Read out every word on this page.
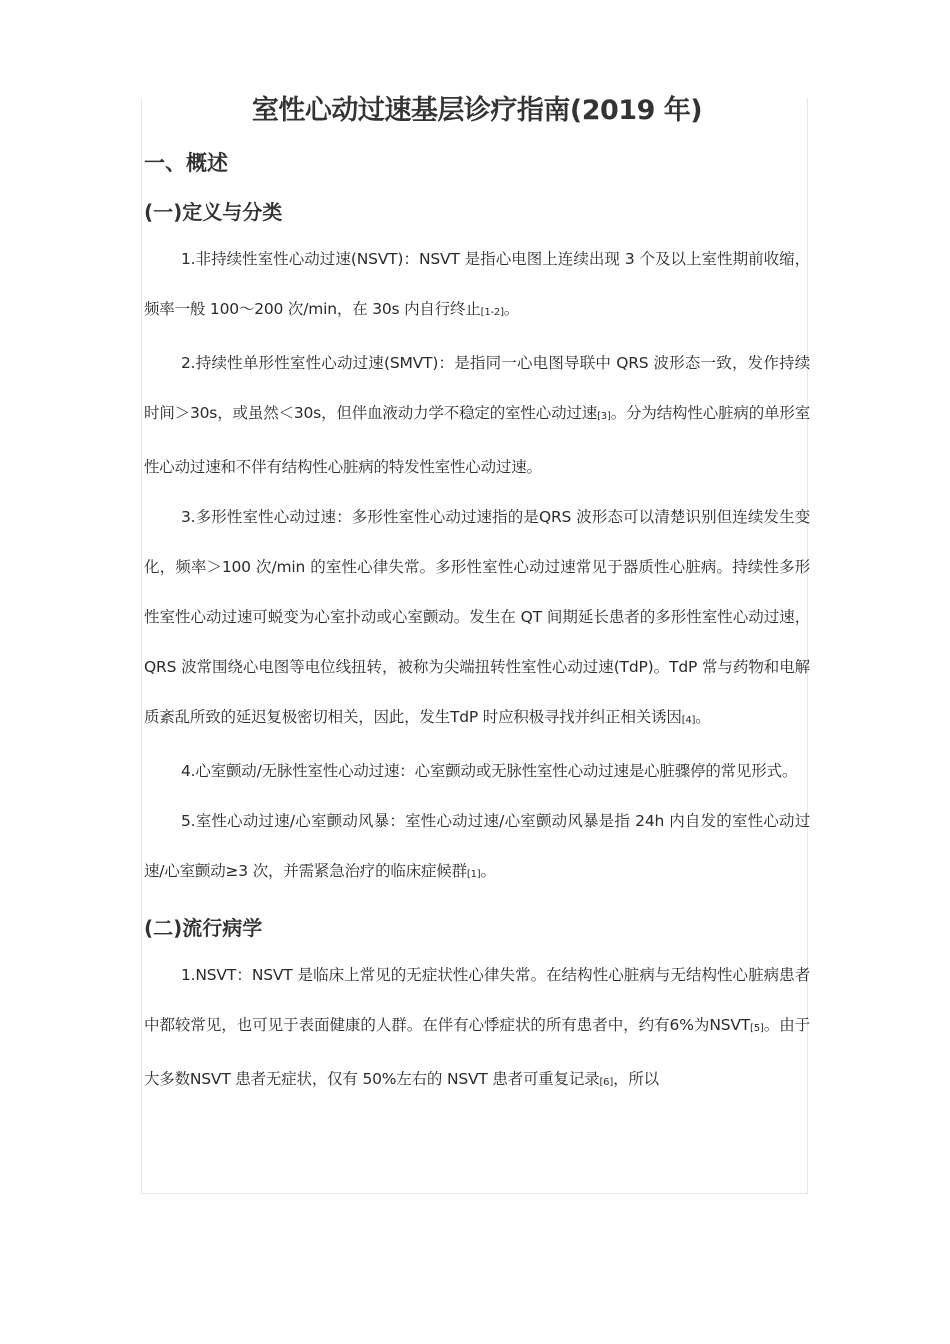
室性心动过速基层诊疗指南(2019 年)
一、概述
(一)定义与分类

1.非持续性室性心动过速(NSVT)：NSVT 是指心电图上连续出现 3 个及以上室性期前收缩，频率一般 100～200 次/min，在 30s 内自行终止[1-2]。

2.持续性单形性室性心动过速(SMVT)：是指同一心电图导联中 QRS 波形态一致，发作持续时间＞30s，或虽然＜30s，但伴血液动力学不稳定的室性心动过速[3]。分为结构性心脏病的单形室性心动过速和不伴有结构性心脏病的特发性室性心动过速。

3.多形性室性心动过速：多形性室性心动过速指的是QRS 波形态可以清楚识别但连续发生变化，频率＞100 次/min 的室性心律失常。多形性室性心动过速常见于器质性心脏病。持续性多形性室性心动过速可蜕变为心室扑动或心室颤动。发生在 QT 间期延长患者的多形性室性心动过速，QRS 波常围绕心电图等电位线扭转，被称为尖端扭转性室性心动过速(TdP)。TdP 常与药物和电解质紊乱所致的延迟复极密切相关，因此，发生TdP 时应积极寻找并纠正相关诱因[4]。

4.心室颤动/无脉性室性心动过速：心室颤动或无脉性室性心动过速是心脏骤停的常见形式。

5.室性心动过速/心室颤动风暴：室性心动过速/心室颤动风暴是指 24h 内自发的室性心动过速/心室颤动≥3 次，并需紧急治疗的临床症候群[1]。

(二)流行病学

1.NSVT：NSVT 是临床上常见的无症状性心律失常。在结构性心脏病与无结构性心脏病患者中都较常见，也可见于表面健康的人群。在伴有心悸症状的所有患者中，约有6%为NSVT[5]。由于大多数NSVT 患者无症状，仅有 50%左右的 NSVT 患者可重复记录[6]，所以
